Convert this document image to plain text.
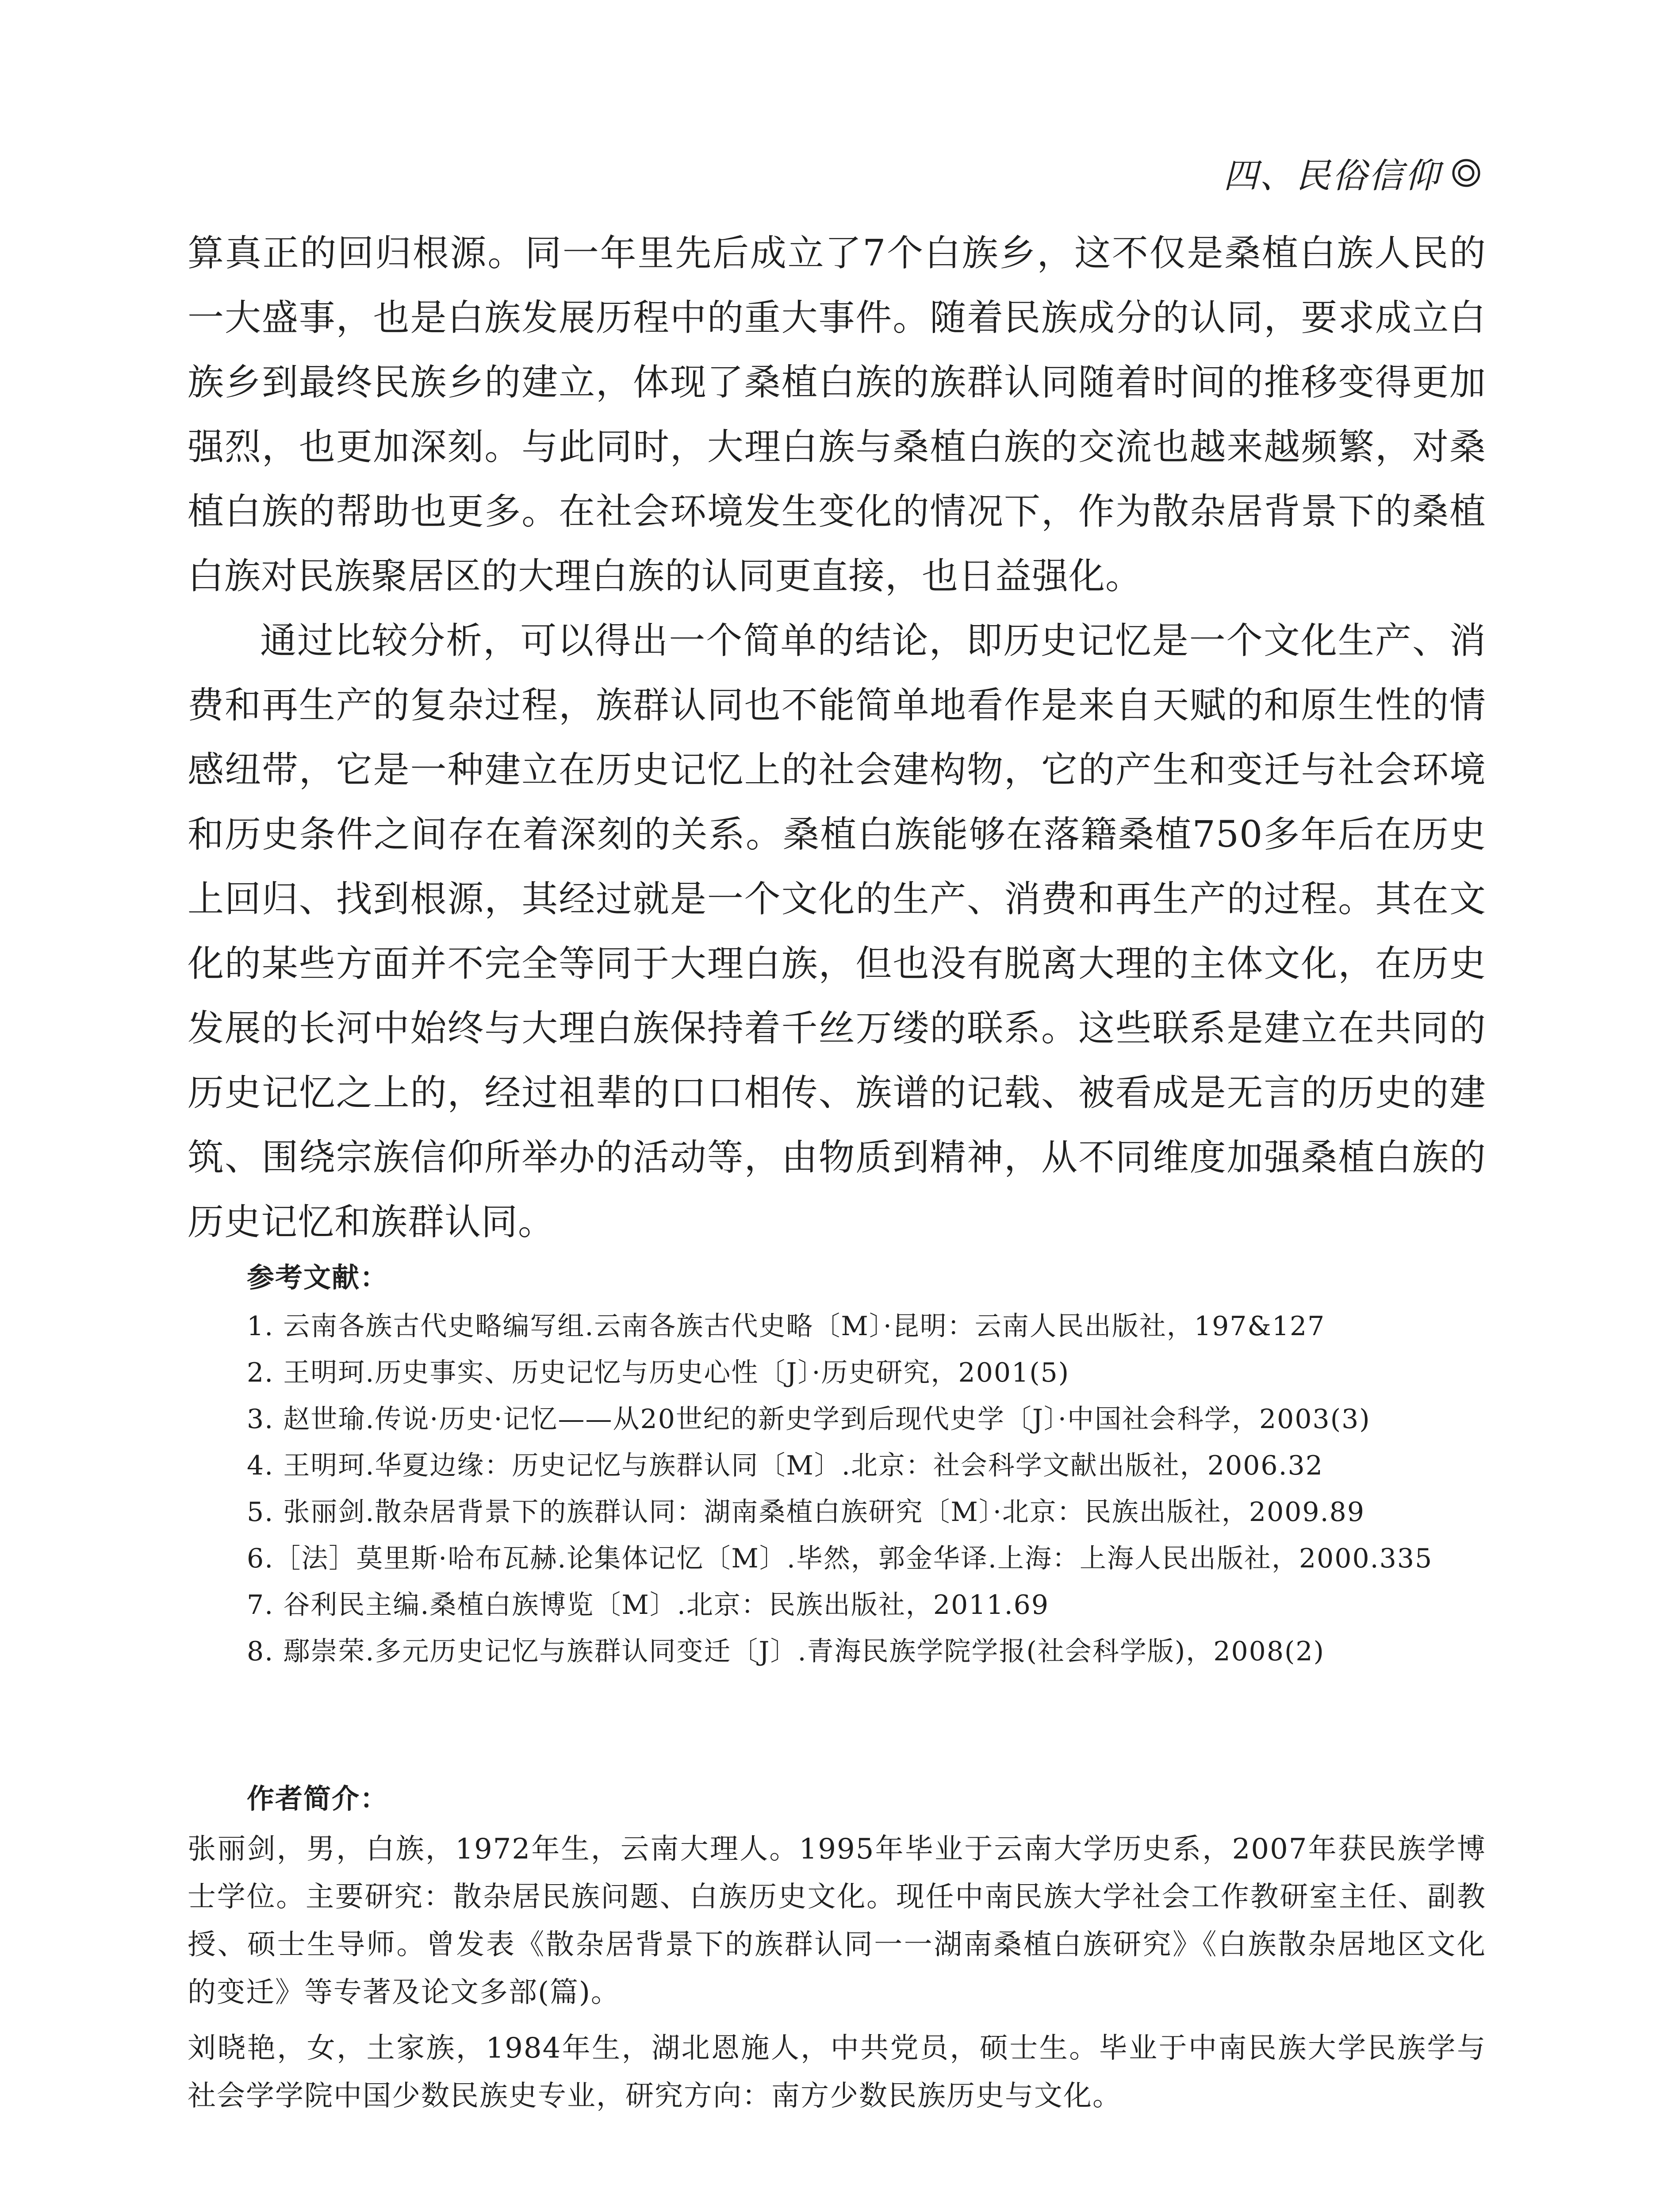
四、民俗信仰

算真正的回归根源。同一年里先后成立了7个白族乡，这不仅是桑植白族人民的一大盛事，也是白族发展历程中的重大事件。随着民族成分的认同，要求成立白族乡到最终民族乡的建立，体现了桑植白族的族群认同随着时间的推移变得更加强烈，也更加深刻。与此同时，大理白族与桑植白族的交流也越来越频繁，对桑植白族的帮助也更多。在社会环境发生变化的情况下，作为散杂居背景下的桑植白族对民族聚居区的大理白族的认同更直接，也日益强化。

通过比较分析，可以得出一个简单的结论，即历史记忆是一个文化生产、消费和再生产的复杂过程，族群认同也不能简单地看作是来自天赋的和原生性的情感纽带，它是一种建立在历史记忆上的社会建构物，它的产生和变迁与社会环境和历史条件之间存在着深刻的关系。桑植白族能够在落籍桑植750多年后在历史上回归、找到根源，其经过就是一个文化的生产、消费和再生产的过程。其在文化的某些方面并不完全等同于大理白族，但也没有脱离大理的主体文化，在历史发展的长河中始终与大理白族保持着千丝万缕的联系。这些联系是建立在共同的历史记忆之上的，经过祖辈的口口相传、族谱的记载、被看成是无言的历史的建筑、围绕宗族信仰所举办的活动等，由物质到精神，从不同维度加强桑植白族的历史记忆和族群认同。

参考文献：
1. 云南各族古代史略编写组.云南各族古代史略〔M〕·昆明：云南人民出版社，197&127
2. 王明珂.历史事实、历史记忆与历史心性〔J〕·历史研究，2001(5)
3. 赵世瑜.传说·历史·记忆——从20世纪的新史学到后现代史学〔J〕·中国社会科学，2003(3)
4. 王明珂.华夏边缘：历史记忆与族群认同〔M〕.北京：社会科学文献出版社，2006.32
5. 张丽剑.散杂居背景下的族群认同：湖南桑植白族研究〔M〕·北京：民族出版社，2009.89
6.［法］莫里斯·哈布瓦赫.论集体记忆〔M〕.毕然，郭金华译.上海：上海人民出版社，2000.335
7. 谷利民主编.桑植白族博览〔M〕.北京：民族出版社，2011.69
8. 鄢崇荣.多元历史记忆与族群认同变迁〔J〕.青海民族学院学报(社会科学版)，2008(2)
作者简介：

张丽剑，男，白族，1972年生，云南大理人。1995年毕业于云南大学历史系，2007年获民族学博士学位。主要研究：散杂居民族问题、白族历史文化。现任中南民族大学社会工作教研室主任、副教授、硕士生导师。曾发表《散杂居背景下的族群认同一一湖南桑植白族研究》《白族散杂居地区文化的变迁》等专著及论文多部(篇)。

刘晓艳，女，土家族，1984年生，湖北恩施人，中共党员，硕士生。毕业于中南民族大学民族学与社会学学院中国少数民族史专业，研究方向：南方少数民族历史与文化。
